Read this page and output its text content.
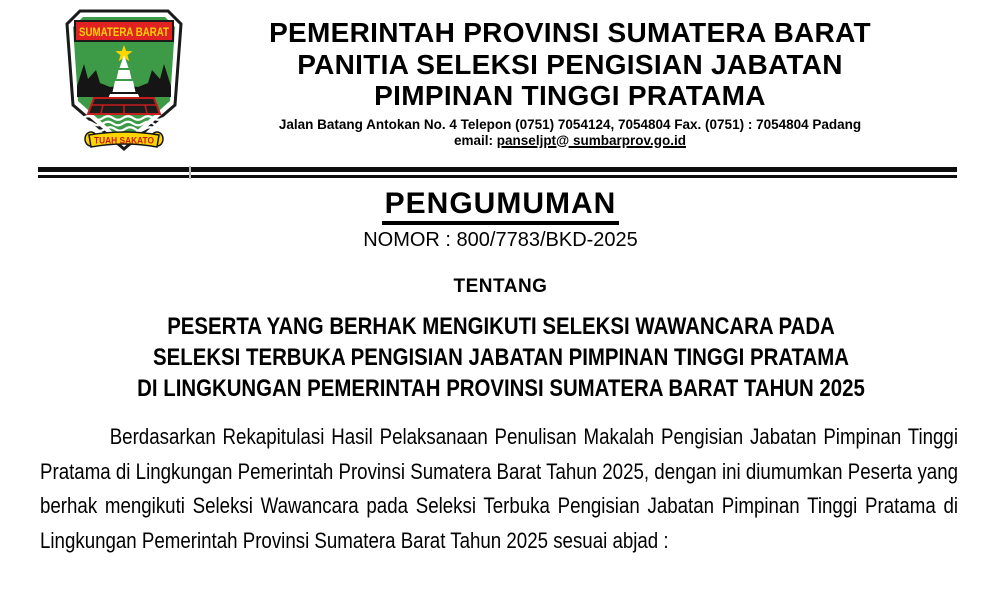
SUMATERA BARAT
TUAH SAKATO
PEMERINTAH PROVINSI SUMATERA BARAT
PANITIA SELEKSI PENGISIAN JABATAN
PIMPINAN TINGGI PRATAMA
Jalan Batang Antokan No. 4 Telepon (0751) 7054124, 7054804 Fax. (0751) : 7054804 Padang
email: panseljpt@ sumbarprov.go.id
PENGUMUMAN
NOMOR : 800/7783/BKD-2025
TENTANG
PESERTA YANG BERHAK MENGIKUTI SELEKSI WAWANCARA PADA
SELEKSI TERBUKA PENGISIAN JABATAN PIMPINAN TINGGI PRATAMA
DI LINGKUNGAN PEMERINTAH PROVINSI SUMATERA BARAT TAHUN 2025

Berdasarkan Rekapitulasi Hasil Pelaksanaan Penulisan Makalah Pengisian Jabatan Pimpinan Tinggi Pratama di Lingkungan Pemerintah Provinsi Sumatera Barat Tahun 2025, dengan ini diumumkan Peserta yang berhak mengikuti Seleksi Wawancara pada Seleksi Terbuka Pengisian Jabatan Pimpinan Tinggi Pratama di Lingkungan Pemerintah Provinsi Sumatera Barat Tahun 2025 sesuai abjad :
